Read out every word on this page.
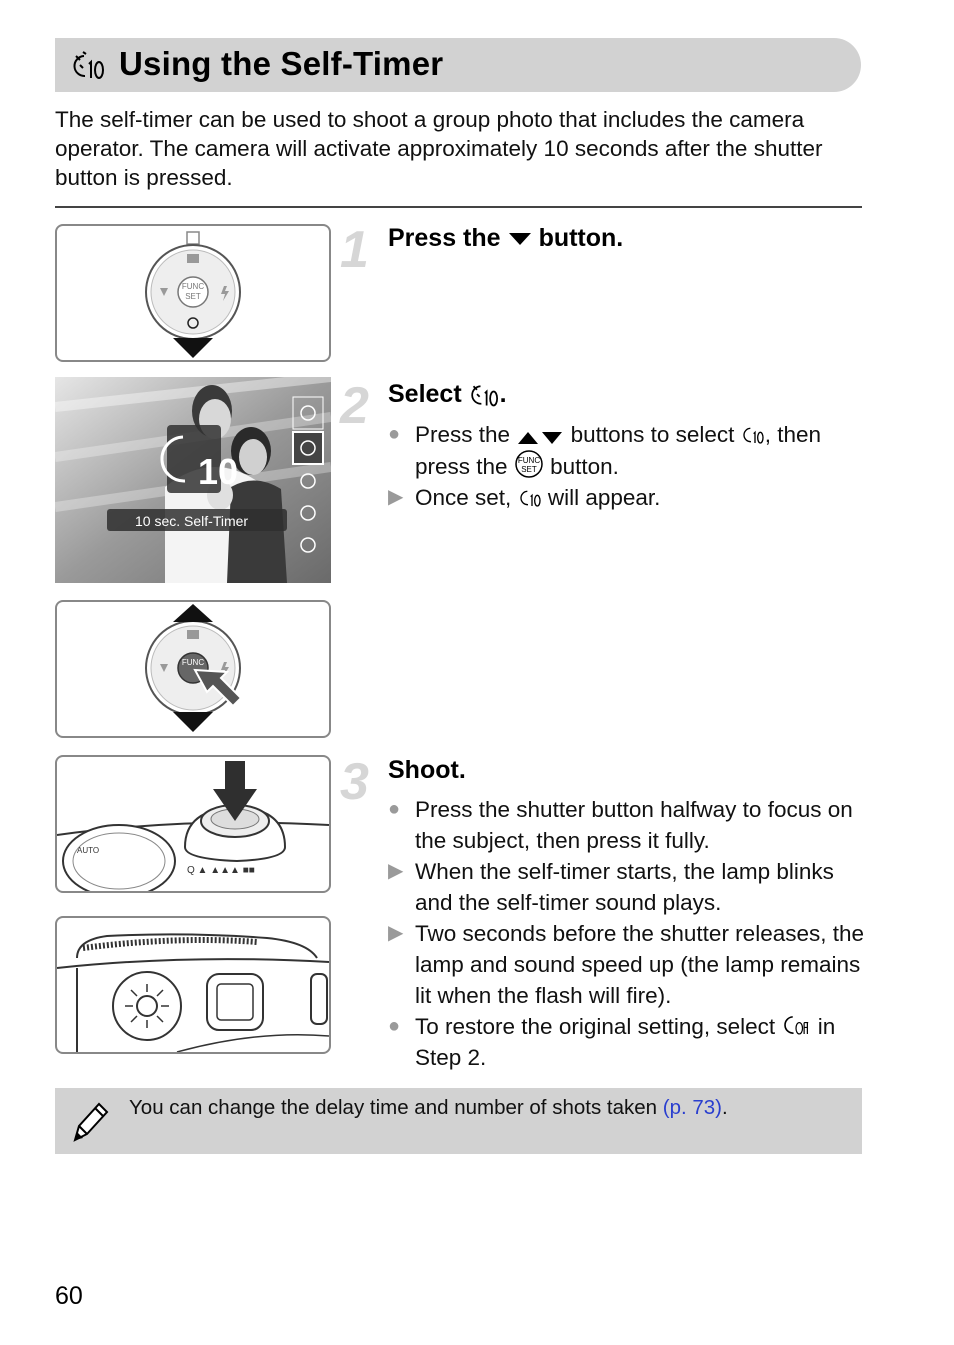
Using the Self-Timer
The self-timer can be used to shoot a group photo that includes the camera operator. The camera will activate approximately 10 seconds after the shutter button is pressed.
FUNC
SET
10
10 sec. Self-Timer
FUNC
AUTO
Q ▲ ▲▲▲ ■■
1 Press the button.
2 Select .
● Press the	buttons to select , then press the FUNC
SET button.
▶ Once set, will appear.
3 Shoot.
● Press the shutter button halfway to focus on the subject, then press it fully.
▶ When the self-timer starts, the lamp blinks and the self-timer sound plays.
▶ Two seconds before the shutter releases, the lamp and sound speed up (the lamp remains lit when the flash will fire).
● To restore the original setting, select in Step 2.
You can change the delay time and number of shots taken (p. 73).
60
